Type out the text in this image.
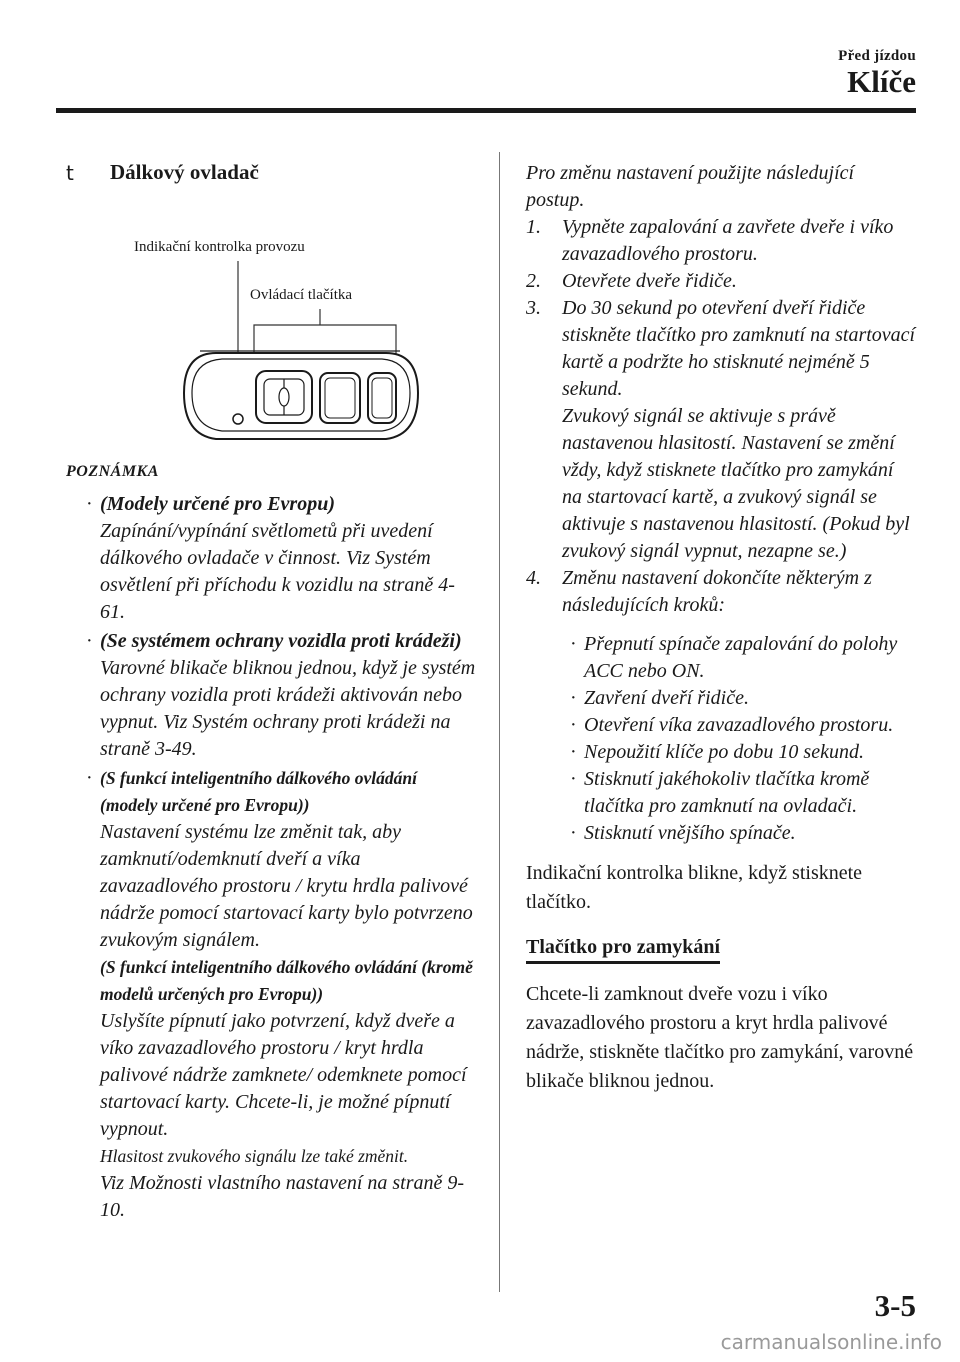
Před jízdou
Klíče
t	Dálkový ovladač
Indikační kontrolka provozu
Ovládací tlačítka
POZNÁMKA
· (Modely určené pro Evropu)

Zapínání/vypínání světlometů při uvedení dálkového ovladače v činnost. Viz Systém osvětlení při příchodu k vozidlu na straně 4-61.

· (Se systémem ochrany vozidla proti krádeži)

Varovné blikače bliknou jednou, když je systém ochrany vozidla proti krádeži aktivován nebo vypnut. Viz Systém ochrany proti krádeži na straně 3-49.

· (S funkcí inteligentního dálkového ovládání (modely určené pro Evropu))

Nastavení systému lze změnit tak, aby zamknutí/odemknutí dveří a víka zavazadlového prostoru / krytu hrdla palivové nádrže pomocí startovací karty bylo potvrzeno zvukovým signálem.

(S funkcí inteligentního dálkového ovládání (kromě modelů určených pro Evropu))

Uslyšíte pípnutí jako potvrzení, když dveře a víko zavazadlového prostoru / kryt hrdla palivové nádrže zamknete/ odemknete pomocí startovací karty. Chcete-li, je možné pípnutí vypnout.

Hlasitost zvukového signálu lze také změnit.

Viz Možnosti vlastního nastavení na straně 9-10.

Pro změnu nastavení použijte následující postup.

1. Vypněte zapalování a zavřete dveře i víko zavazadlového prostoru.
2. Otevřete dveře řidiče.
3. Do 30 sekund po otevření dveří řidiče stiskněte tlačítko pro zamknutí na startovací kartě a podržte ho stisknuté nejméně 5 sekund.
Zvukový signál se aktivuje s právě nastavenou hlasitostí. Nastavení se změní vždy, když stisknete tlačítko pro zamykání na startovací kartě, a zvukový signál se aktivuje s nastavenou hlasitostí. (Pokud byl zvukový signál vypnut, nezapne se.)
4. Změnu nastavení dokončíte některým z následujících kroků:
· Přepnutí spínače zapalování do polohy ACC nebo ON.
· Zavření dveří řidiče.
· Otevření víka zavazadlového prostoru.
· Nepoužití klíče po dobu 10 sekund.
· Stisknutí jakéhokoliv tlačítka kromě tlačítka pro zamknutí na ovladači.
· Stisknutí vnějšího spínače.

Indikační kontrolka blikne, když stisknete tlačítko.

Tlačítko pro zamykání

Chcete-li zamknout dveře vozu i víko zavazadlového prostoru a kryt hrdla palivové nádrže, stiskněte tlačítko pro zamykání, varovné blikače bliknou jednou.

3-5
carmanualsonline.info
